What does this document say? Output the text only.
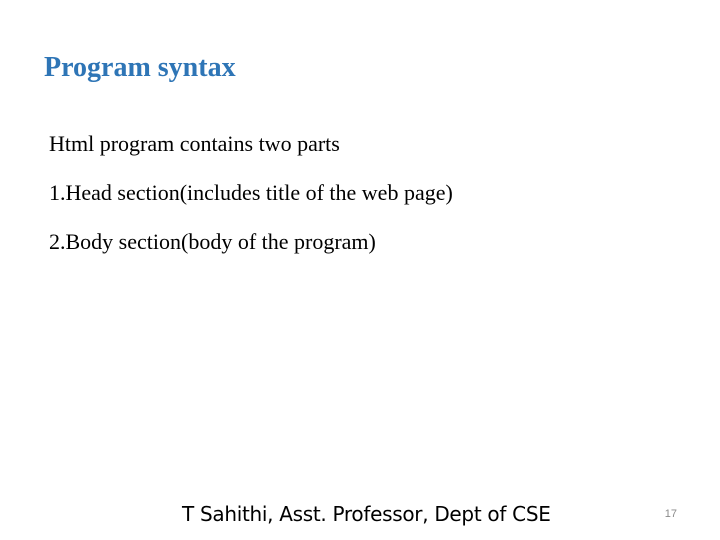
Program syntax
Html program contains two parts
1.Head section(includes title of the web page)
2.Body section(body of the program)
T Sahithi, Asst. Professor, Dept of CSE	17
